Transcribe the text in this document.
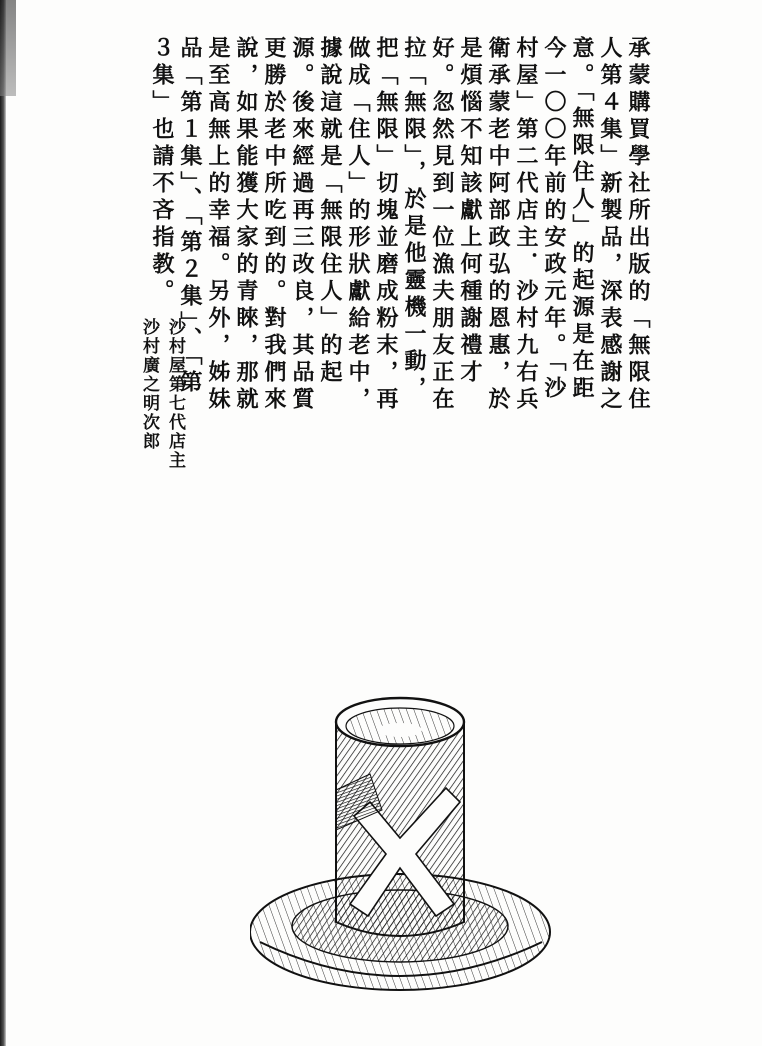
承蒙購買學社所出版的「無限住人第４集」新製品，深表感謝之意。「無限住人」的起源是在距今一〇〇年前的安政元年。「沙村屋」第二代店主．沙村九右兵衛承蒙老中阿部政弘的恩惠，於是煩惱不知該獻上何種謝禮才好。忽然見到一位漁夫朋友正在拉「無限」，於是他靈機一動，把「無限」切塊並磨成粉末，再做成「住人」的形狀獻給老中，據說這就是「無限住人」的起源。後來經過再三改良，其品質更勝於老中所吃到的。對我們來說，如果能獲大家的青睞，那就是至高無上的幸福。另外，姊妹品「第１集」、「第２集」、「第３集」也請不吝指教。

沙村屋第七代店主
沙村廣之明次郎
